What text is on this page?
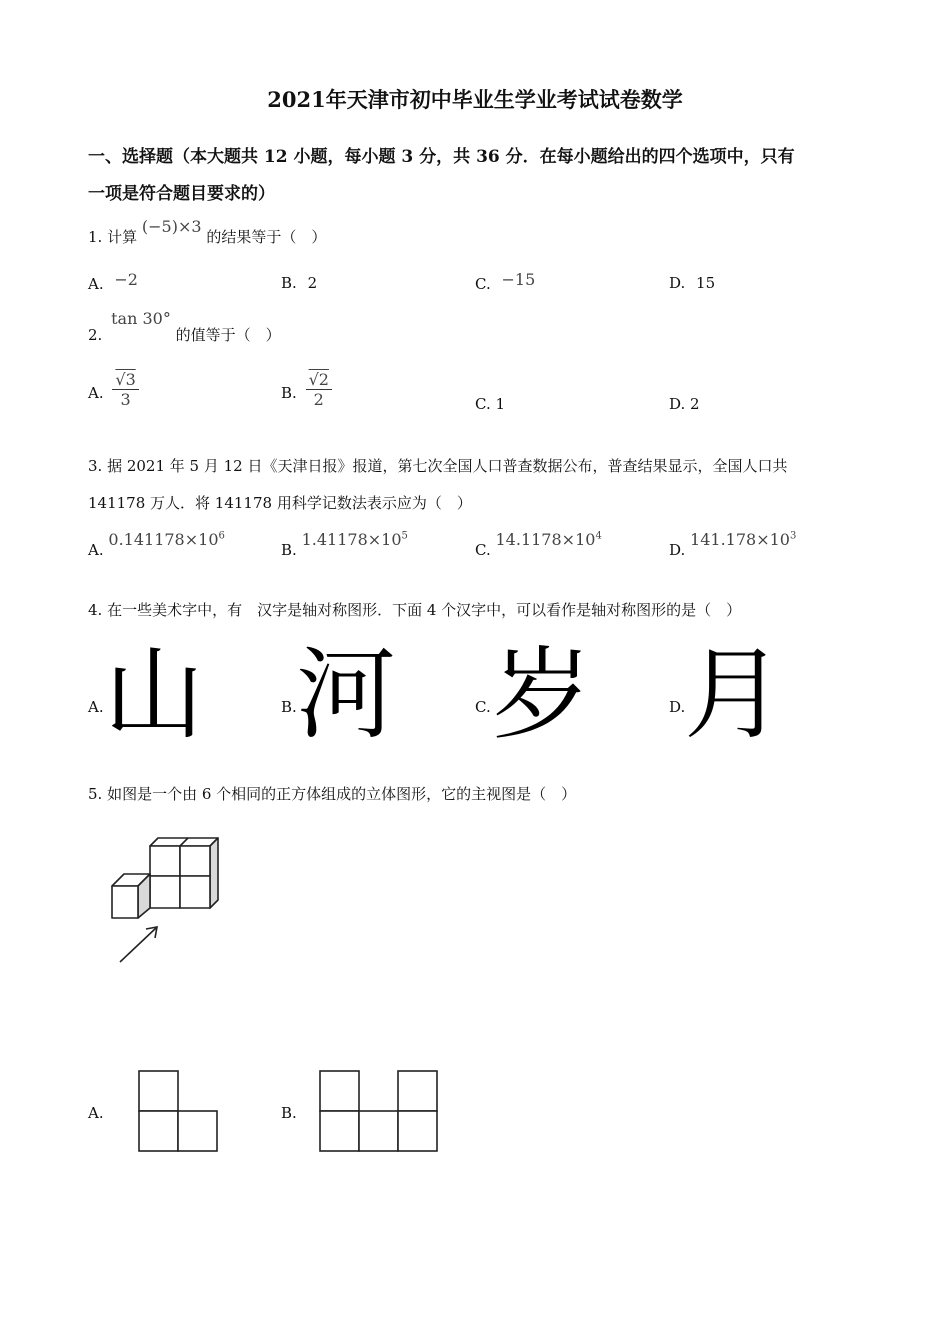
2021年天津市初中毕业生学业考试试卷数学
一、选择题（本大题共 12 小题，每小题 3 分，共 36 分．在每小题给出的四个选项中，只有
一项是符合题目要求的）
1. 计算 (−5)×3 的结果等于（　）
A. −2	B. 2	C. −15	D. 15
2. tan 30° 的值等于（　）
A. $\frac{√3}{3}$	B. $\frac{√2}{2}$	C. 1	D. 2
3. 据 2021 年 5 月 12 日《天津日报》报道，第七次全国人口普查数据公布，普查结果显示，全国人口共
141178 万人．将 141178 用科学记数法表示应为（　）
A. $0.141178\times 10^6$
B. $1.41178\times 10^5$
C. $14.1178\times 10^4$
D. $141.178\times 10^3$
4. 在一些美术字中，有　汉字是轴对称图形．下面 4 个汉字中，可以看作是轴对称图形的是（　）
A. 山	B. 河	C. 岁	D.
月
5. 如图是一个由 6 个相同的正方体组成的立体图形，它的主视图是（　）
A.	B.
